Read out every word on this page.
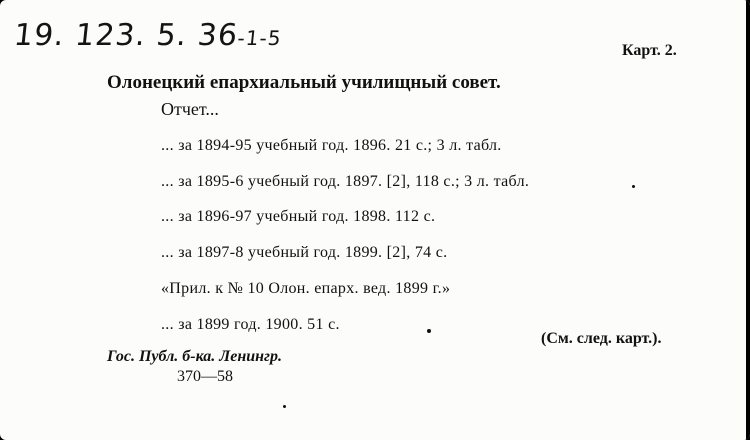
19. 123. 5. 36-1-5
Карт. 2.
Олонецкий епархиальный училищный совет.
Отчет...
... за 1894-95 учебный год. 1896. 21 с.; 3 л. табл.
... за 1895-6 учебный год. 1897. [2], 118 с.; 3 л. табл.
... за 1896-97 учебный год. 1898. 112 с.
... за 1897-8 учебный год. 1899. [2], 74 с.
«Прил. к № 10 Олон. епарх. вед. 1899 г.»
... за 1899 год. 1900. 51 с.
(См. след. карт.).
Гос. Публ. б-ка. Ленингр.
370—58
